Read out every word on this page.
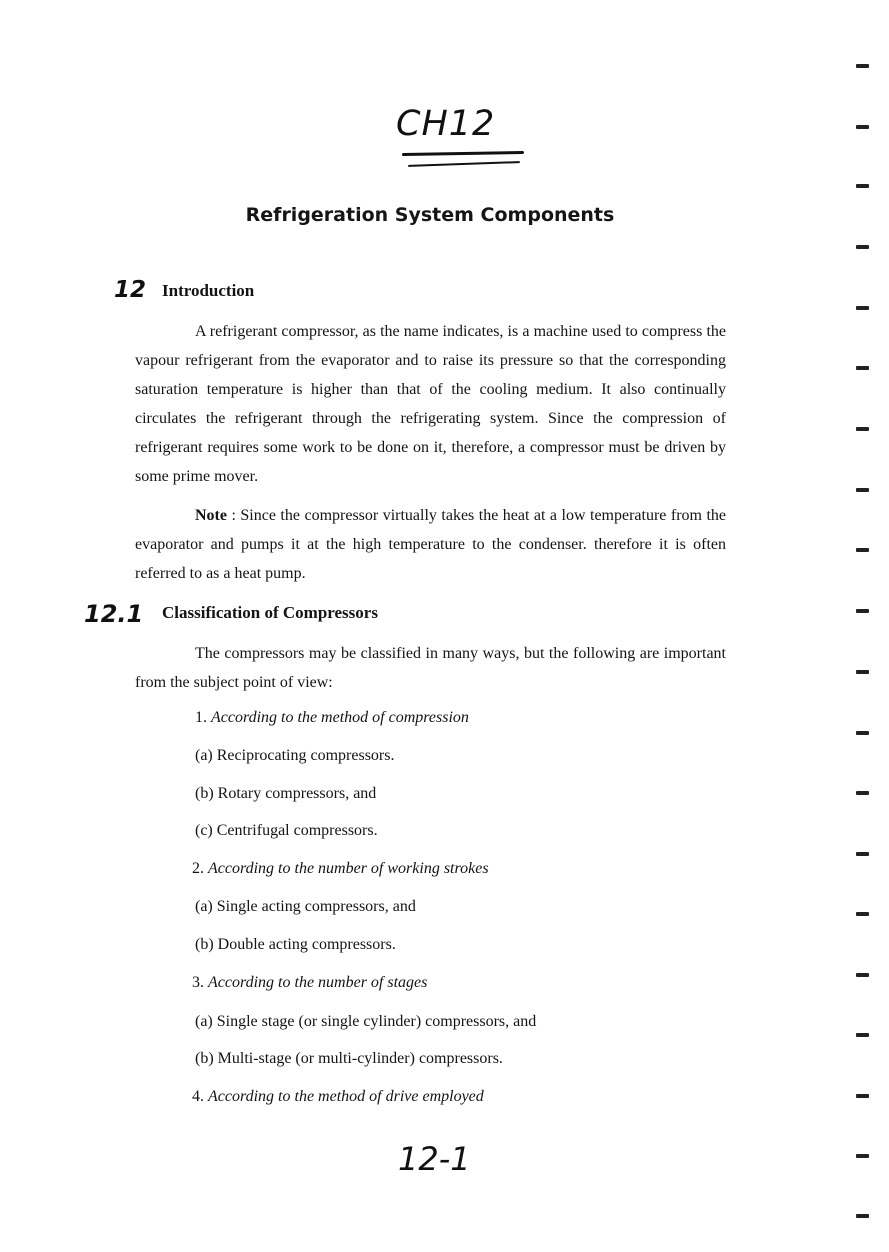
CH12
Refrigeration System Components
12 Introduction

A refrigerant compressor, as the name indicates, is a machine used to compress the vapour refrigerant from the evaporator and to raise its pressure so that the corresponding saturation temperature is higher than that of the cooling medium. It also continually circulates the refrigerant through the refrigerating system. Since the compression of refrigerant requires some work to be done on it, therefore, a compressor must be driven by some prime mover.

Note : Since the compressor virtually takes the heat at a low temperature from the evaporator and pumps it at the high temperature to the condenser. therefore it is often referred to as a heat pump.

12.1 Classification of Compressors

The compressors may be classified in many ways, but the following are important from the subject point of view:

1. According to the method of compression
(a) Reciprocating compressors.
(b) Rotary compressors, and
(c) Centrifugal compressors.
2. According to the number of working strokes
(a) Single acting compressors, and
(b) Double acting compressors.
3. According to the number of stages
(a) Single stage (or single cylinder) compressors, and
(b) Multi-stage (or multi-cylinder) compressors.
4. According to the method of drive employed
12-1
